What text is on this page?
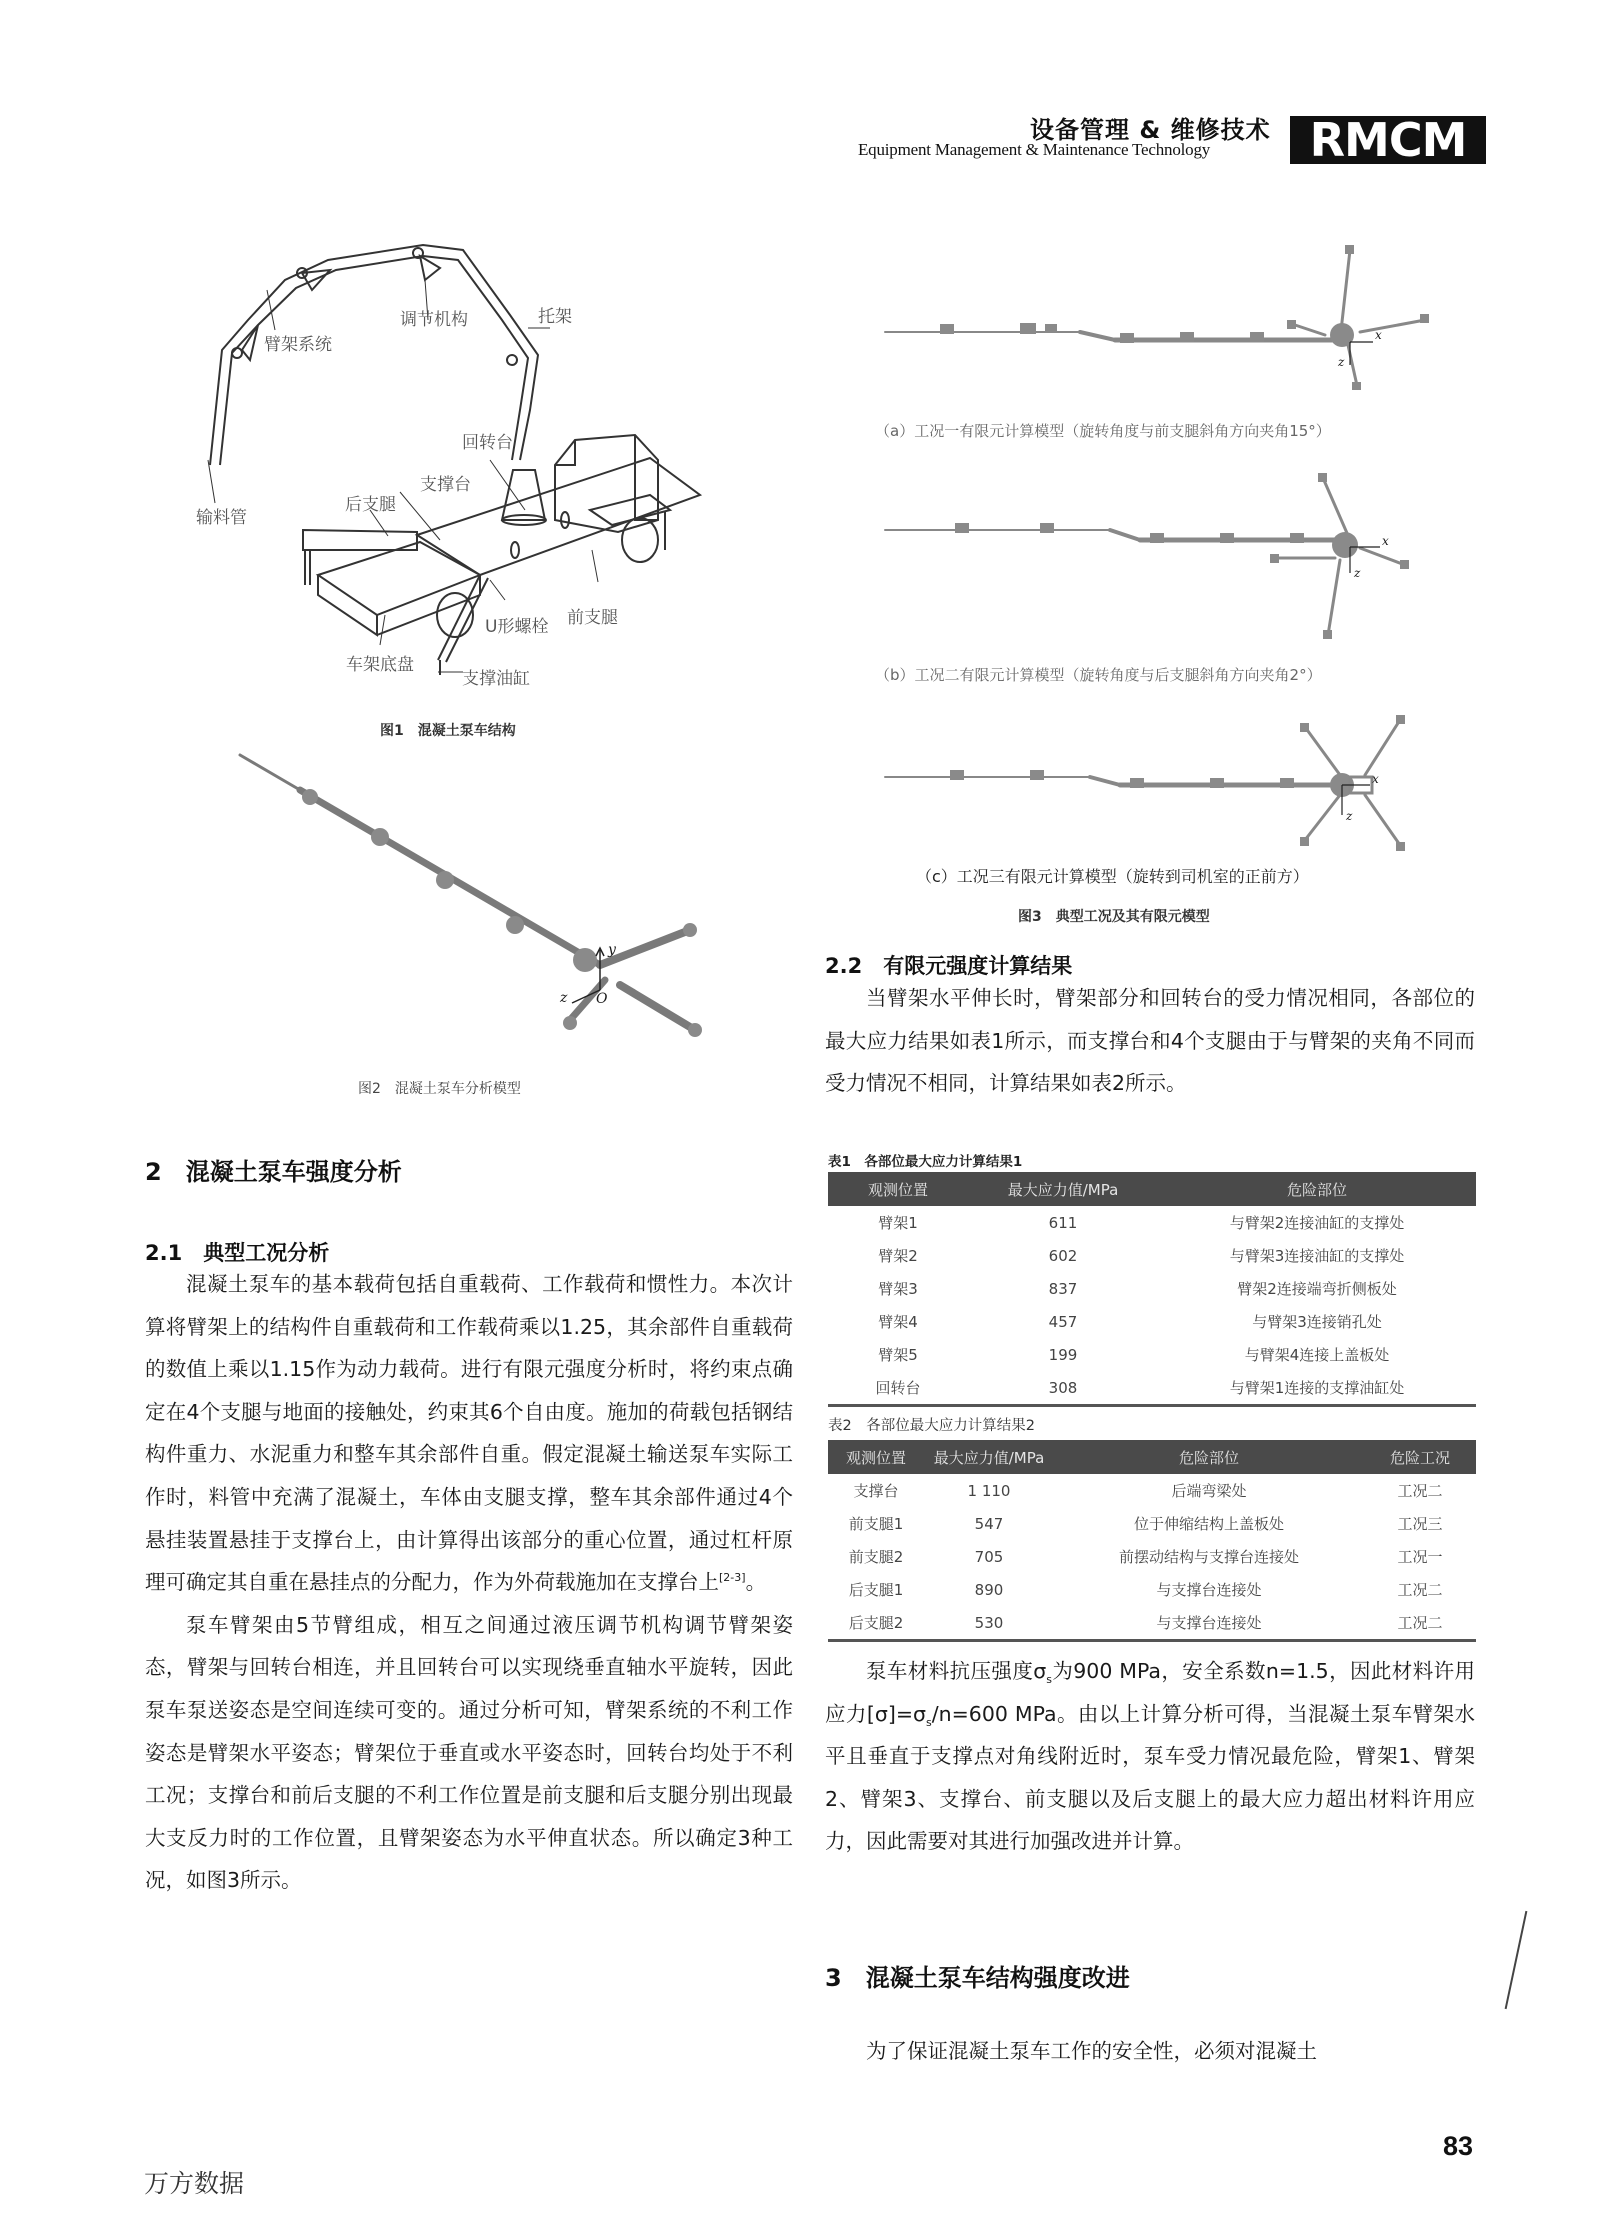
设备管理 & 维修技术
Equipment Management & Maintenance Technology	RMCM
臂架系统
调节机构	托架
回转台
支撑台
后支腿
输料管
前支腿
U形螺栓
车架底盘
支撑油缸
图1　混凝土泵车结构
y
z O
图2　混凝土泵车分析模型
x
z
（a）工况一有限元计算模型（旋转角度与前支腿斜角方向夹角15°）
x
z
（b）工况二有限元计算模型（旋转角度与后支腿斜角方向夹角2°）
x
z
（c）工况三有限元计算模型（旋转到司机室的正前方）
图3　典型工况及其有限元模型
2　混凝土泵车强度分析
2.1　典型工况分析

混凝土泵车的基本载荷包括自重载荷、工作载荷和惯性力。本次计算将臂架上的结构件自重载荷和工作载荷乘以1.25，其余部件自重载荷的数值上乘以1.15作为动力载荷。进行有限元强度分析时，将约束点确定在4个支腿与地面的接触处，约束其6个自由度。施加的荷载包括钢结构件重力、水泥重力和整车其余部件自重。假定混凝土输送泵车实际工作时，料管中充满了混凝土，车体由支腿支撑，整车其余部件通过4个悬挂装置悬挂于支撑台上，由计算得出该部分的重心位置，通过杠杆原理可确定其自重在悬挂点的分配力，作为外荷载施加在支撑台上[2-3]。

泵车臂架由5节臂组成，相互之间通过液压调节机构调节臂架姿态，臂架与回转台相连，并且回转台可以实现绕垂直轴水平旋转，因此泵车泵送姿态是空间连续可变的。通过分析可知，臂架系统的不利工作姿态是臂架水平姿态；臂架位于垂直或水平姿态时，回转台均处于不利工况；支撑台和前后支腿的不利工作位置是前支腿和后支腿分别出现最大支反力时的工作位置，且臂架姿态为水平伸直状态。所以确定3种工况，如图3所示。

2.2　有限元强度计算结果

当臂架水平伸长时，臂架部分和回转台的受力情况相同，各部位的最大应力结果如表1所示，而支撑台和4个支腿由于与臂架的夹角不同而受力情况不相同，计算结果如表2所示。

表1　各部位最大应力计算结果1
观测位置	最大应力值/MPa	危险部位
臂架1	611	与臂架2连接油缸的支撑处
臂架2	602	与臂架3连接油缸的支撑处
臂架3	837	臂架2连接端弯折侧板处
臂架4	457	与臂架3连接销孔处
臂架5	199	与臂架4连接上盖板处
回转台	308	与臂架1连接的支撑油缸处
表2　各部位最大应力计算结果2
观测位置	最大应力值/MPa	危险部位	危险工况
支撑台	1 110	后端弯梁处	工况二
前支腿1	547	位于伸缩结构上盖板处	工况三
前支腿2	705	前摆动结构与支撑台连接处	工况一
后支腿1	890	与支撑台连接处	工况二
后支腿2	530	与支撑台连接处	工况二

泵车材料抗压强度$\sigma_s$为900 MPa，安全系数n=1.5，因此材料许用应力$[\sigma]=\sigma_s/n=600$ MPa。由以上计算分析可得，当混凝土泵车臂架水平且垂直于支撑点对角线附近时，泵车受力情况最危险，臂架1、臂架2、臂架3、支撑台、前支腿以及后支腿上的最大应力超出材料许用应力，因此需要对其进行加强改进并计算。

3　混凝土泵车结构强度改进

为了保证混凝土泵车工作的安全性，必须对混凝土

83
万方数据
